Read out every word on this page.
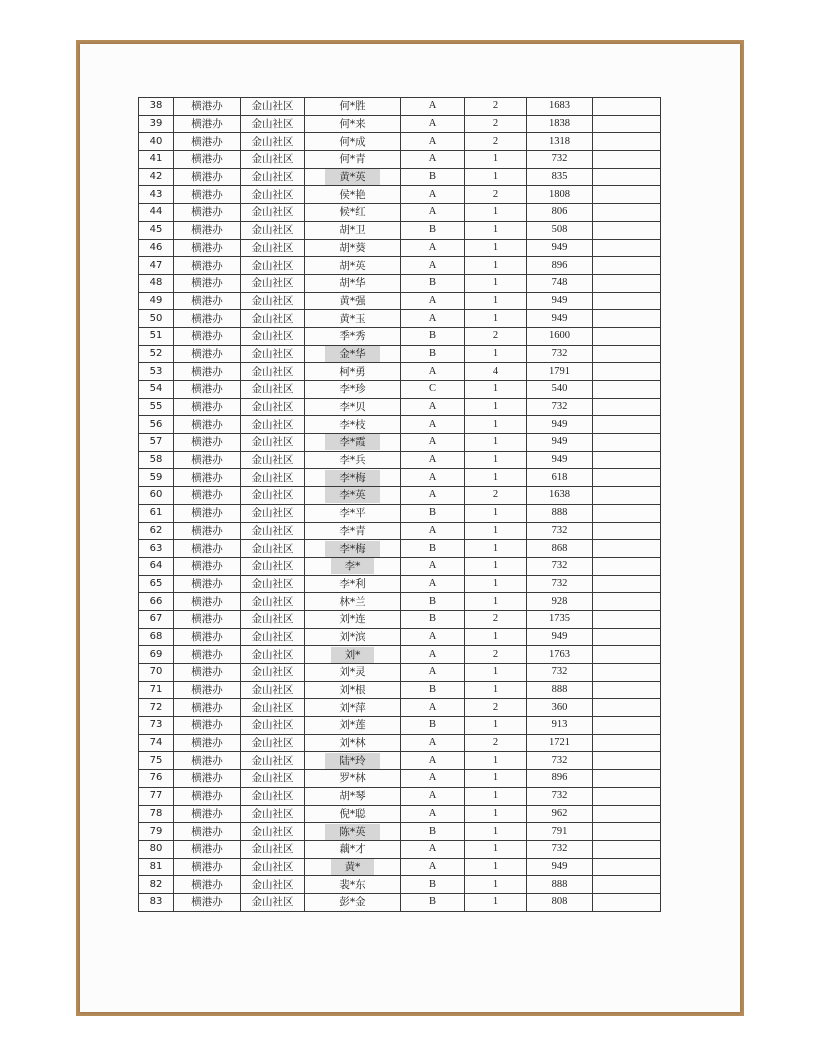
38	横港办	金山社区	何*胜	A	2	1683	
39	横港办	金山社区	何*来	A	2	1838	
40	横港办	金山社区	何*成	A	2	1318	
41	横港办	金山社区	何*青	A	1	732	
42	横港办	金山社区	黄*英	B	1	835	
43	横港办	金山社区	侯*艳	A	2	1808	
44	横港办	金山社区	候*红	A	1	806	
45	横港办	金山社区	胡*卫	B	1	508	
46	横港办	金山社区	胡*葵	A	1	949	
47	横港办	金山社区	胡*英	A	1	896	
48	横港办	金山社区	胡*华	B	1	748	
49	横港办	金山社区	黄*强	A	1	949	
50	横港办	金山社区	黄*玉	A	1	949	
51	横港办	金山社区	季*秀	B	2	1600	
52	横港办	金山社区	金*华	B	1	732	
53	横港办	金山社区	柯*勇	A	4	1791	
54	横港办	金山社区	李*珍	C	1	540	
55	横港办	金山社区	李*贝	A	1	732	
56	横港办	金山社区	李*枝	A	1	949	
57	横港办	金山社区	李*霞	A	1	949	
58	横港办	金山社区	李*兵	A	1	949	
59	横港办	金山社区	李*梅	A	1	618	
60	横港办	金山社区	李*英	A	2	1638	
61	横港办	金山社区	李*平	B	1	888	
62	横港办	金山社区	李*青	A	1	732	
63	横港办	金山社区	李*梅	B	1	868	
64	横港办	金山社区	李*	A	1	732	
65	横港办	金山社区	李*利	A	1	732	
66	横港办	金山社区	林*兰	B	1	928	
67	横港办	金山社区	刘*连	B	2	1735	
68	横港办	金山社区	刘*滨	A	1	949	
69	横港办	金山社区	刘*	A	2	1763	
70	横港办	金山社区	刘*灵	A	1	732	
71	横港办	金山社区	刘*根	B	1	888	
72	横港办	金山社区	刘*萍	A	2	360	
73	横港办	金山社区	刘*莲	B	1	913	
74	横港办	金山社区	刘*林	A	2	1721	
75	横港办	金山社区	陆*玲	A	1	732	
76	横港办	金山社区	罗*林	A	1	896	
77	横港办	金山社区	胡*琴	A	1	732	
78	横港办	金山社区	倪*聪	A	1	962	
79	横港办	金山社区	陈*英	B	1	791	
80	横港办	金山社区	藕*才	A	1	732	
81	横港办	金山社区	黄*	A	1	949	
82	横港办	金山社区	裴*东	B	1	888	
83	横港办	金山社区	彭*金	B	1	808	
